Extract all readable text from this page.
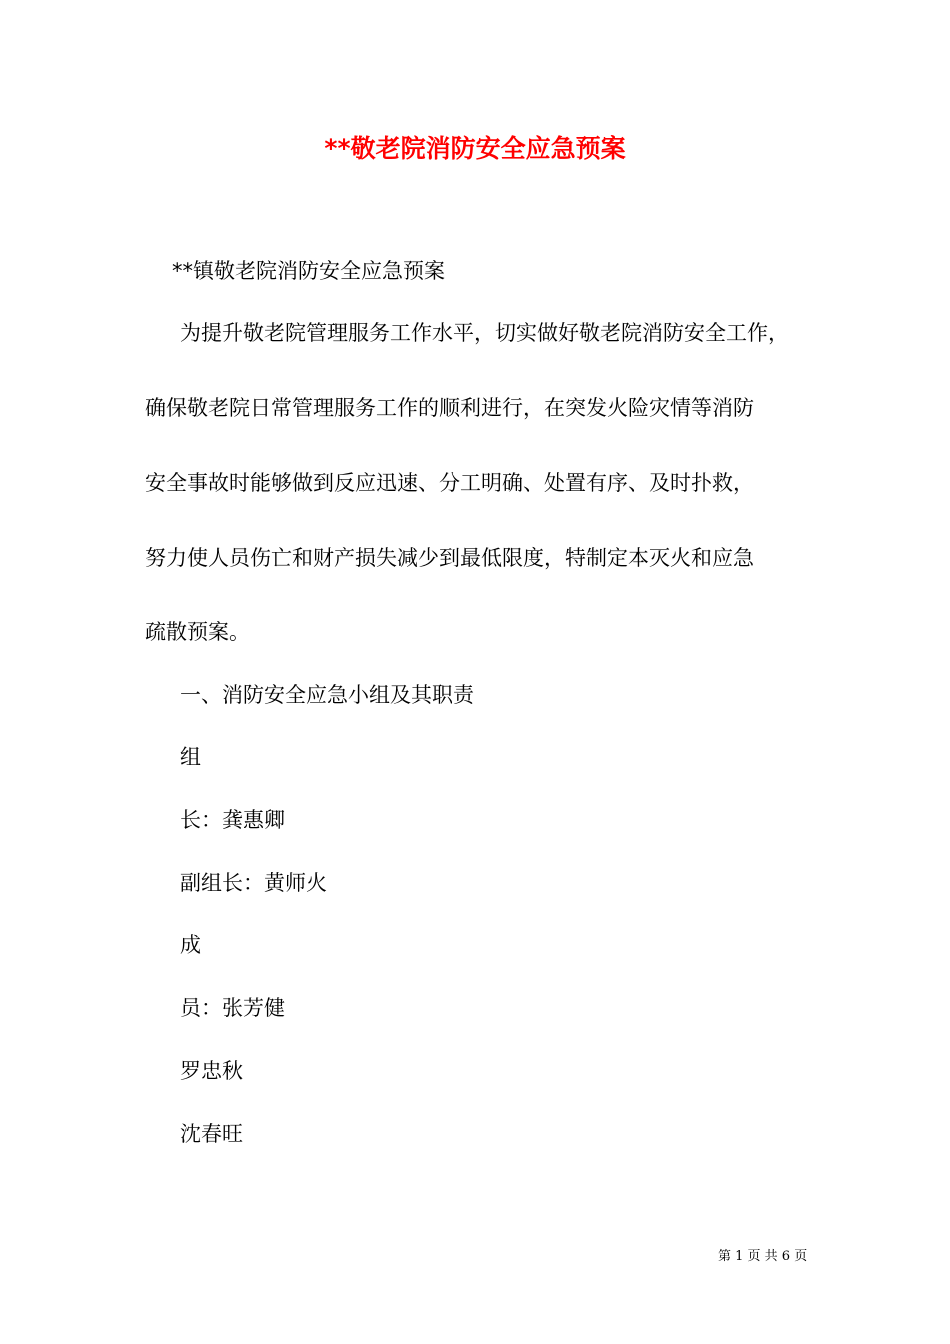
**敬老院消防安全应急预案
**镇敬老院消防安全应急预案
为提升敬老院管理服务工作水平，切实做好敬老院消防安全工作，
确保敬老院日常管理服务工作的顺利进行，在突发火险灾情等消防
安全事故时能够做到反应迅速、分工明确、处置有序、及时扑救，
努力使人员伤亡和财产损失减少到最低限度，特制定本灭火和应急
疏散预案。
一、消防安全应急小组及其职责
组
长：龚惠卿
副组长：黄师火
成
员：张芳健
罗忠秋
沈春旺
第 1 页 共 6 页
